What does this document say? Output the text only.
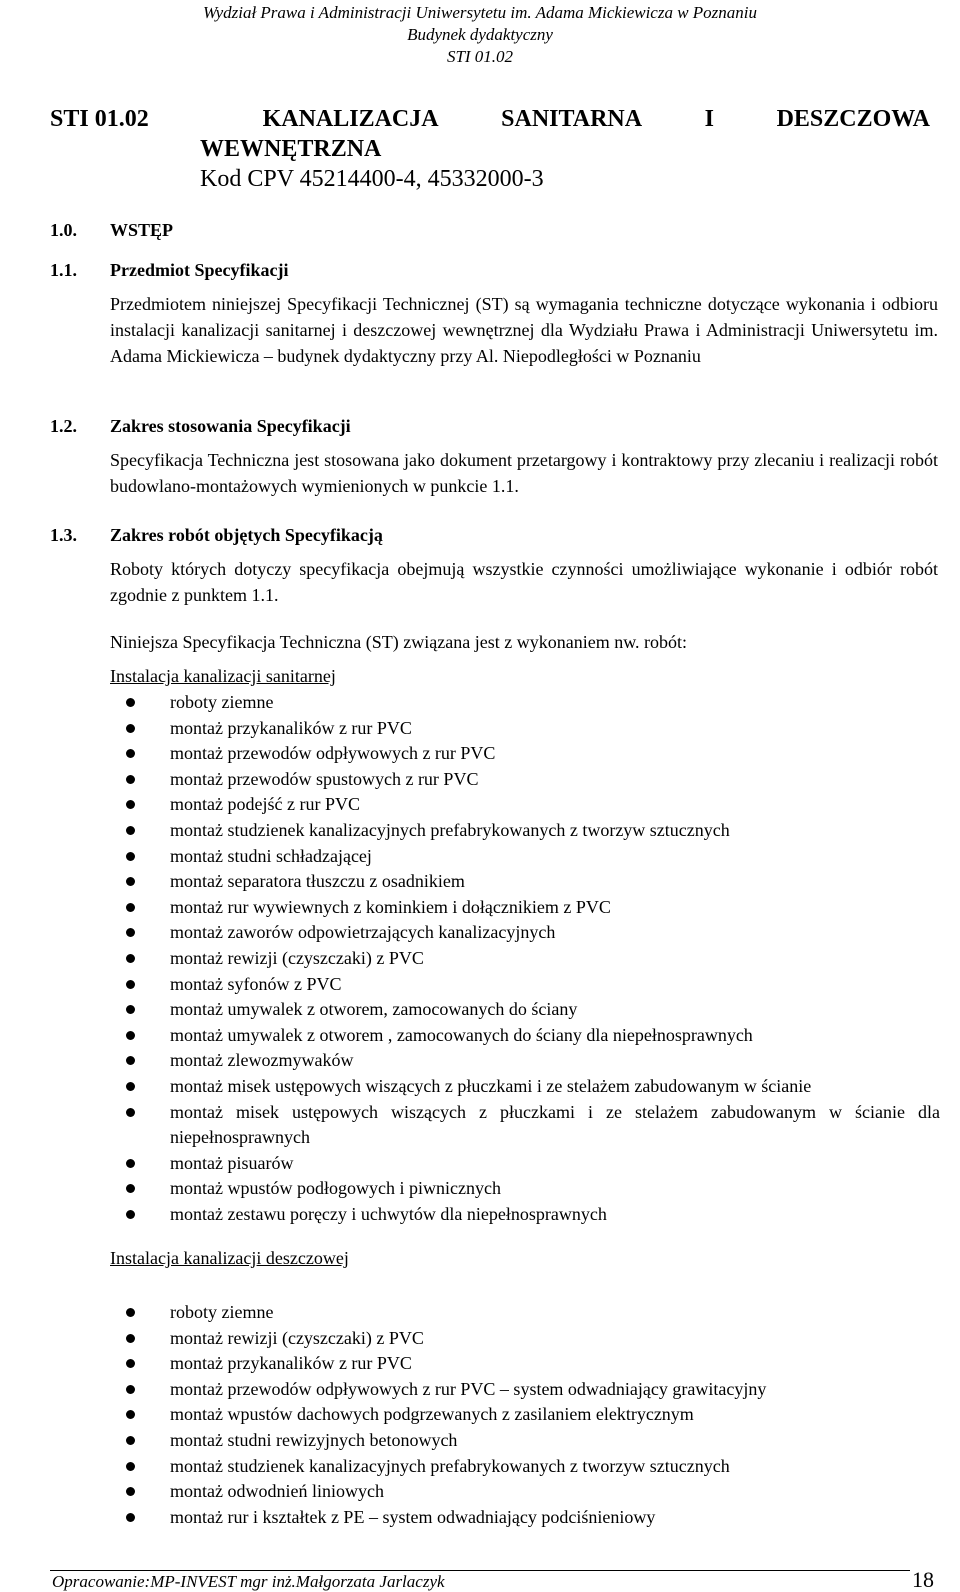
Wydział Prawa i Administracji Uniwersytetu im. Adama Mickiewicza w Poznaniu
Budynek dydaktyczny
STI 01.02
STI 01.02	KANALIZACJA	SANITARNA	I	DESZCZOWA
WEWNĘTRZNA
Kod CPV 45214400-4, 45332000-3
1.0.	WSTĘP
1.1.	Przedmiot Specyfikacji
Przedmiotem niniejszej Specyfikacji Technicznej (ST) są wymagania techniczne dotyczące wykonania i odbioru instalacji kanalizacji sanitarnej i deszczowej wewnętrznej dla Wydziału Prawa i Administracji Uniwersytetu im. Adama Mickiewicza – budynek dydaktyczny przy Al. Niepodległości w Poznaniu
1.2.	Zakres stosowania Specyfikacji
Specyfikacja Techniczna jest stosowana jako dokument przetargowy i kontraktowy przy zlecaniu i realizacji robót budowlano-montażowych wymienionych w punkcie 1.1.
1.3.	Zakres robót objętych Specyfikacją
Roboty których dotyczy specyfikacja obejmują wszystkie czynności umożliwiające wykonanie i odbiór robót zgodnie z punktem 1.1.
Niniejsza Specyfikacja Techniczna (ST) związana jest z wykonaniem nw. robót:
Instalacja kanalizacji sanitarnej
roboty ziemne
montaż przykanalików z rur PVC
montaż przewodów odpływowych z rur PVC
montaż przewodów spustowych z rur PVC
montaż podejść z rur PVC
montaż studzienek kanalizacyjnych prefabrykowanych z tworzyw sztucznych
montaż studni schładzającej
montaż separatora tłuszczu z osadnikiem
montaż rur wywiewnych z kominkiem i dołącznikiem z PVC
montaż zaworów odpowietrzających kanalizacyjnych
montaż rewizji (czyszczaki) z PVC
montaż syfonów z PVC
montaż umywalek z otworem, zamocowanych do ściany
montaż umywalek z otworem , zamocowanych do ściany dla niepełnosprawnych
montaż zlewozmywaków
montaż misek ustępowych wiszących z płuczkami i ze stelażem zabudowanym w ścianie
montaż misek ustępowych wiszących z płuczkami i ze stelażem zabudowanym w ścianie dla niepełnosprawnych
montaż pisuarów
montaż wpustów podłogowych i piwnicznych
montaż zestawu poręczy i uchwytów dla niepełnosprawnych
Instalacja kanalizacji deszczowej
roboty ziemne
montaż rewizji (czyszczaki) z PVC
montaż przykanalików z rur PVC
montaż przewodów odpływowych z rur PVC – system odwadniający grawitacyjny
montaż wpustów dachowych podgrzewanych z zasilaniem elektrycznym
montaż studni rewizyjnych betonowych
montaż studzienek kanalizacyjnych prefabrykowanych z tworzyw sztucznych
montaż odwodnień liniowych
montaż rur i kształtek z PE – system odwadniający podciśnieniowy
Opracowanie:MP-INVEST mgr inż.Małgorzata Jarlaczyk	18
